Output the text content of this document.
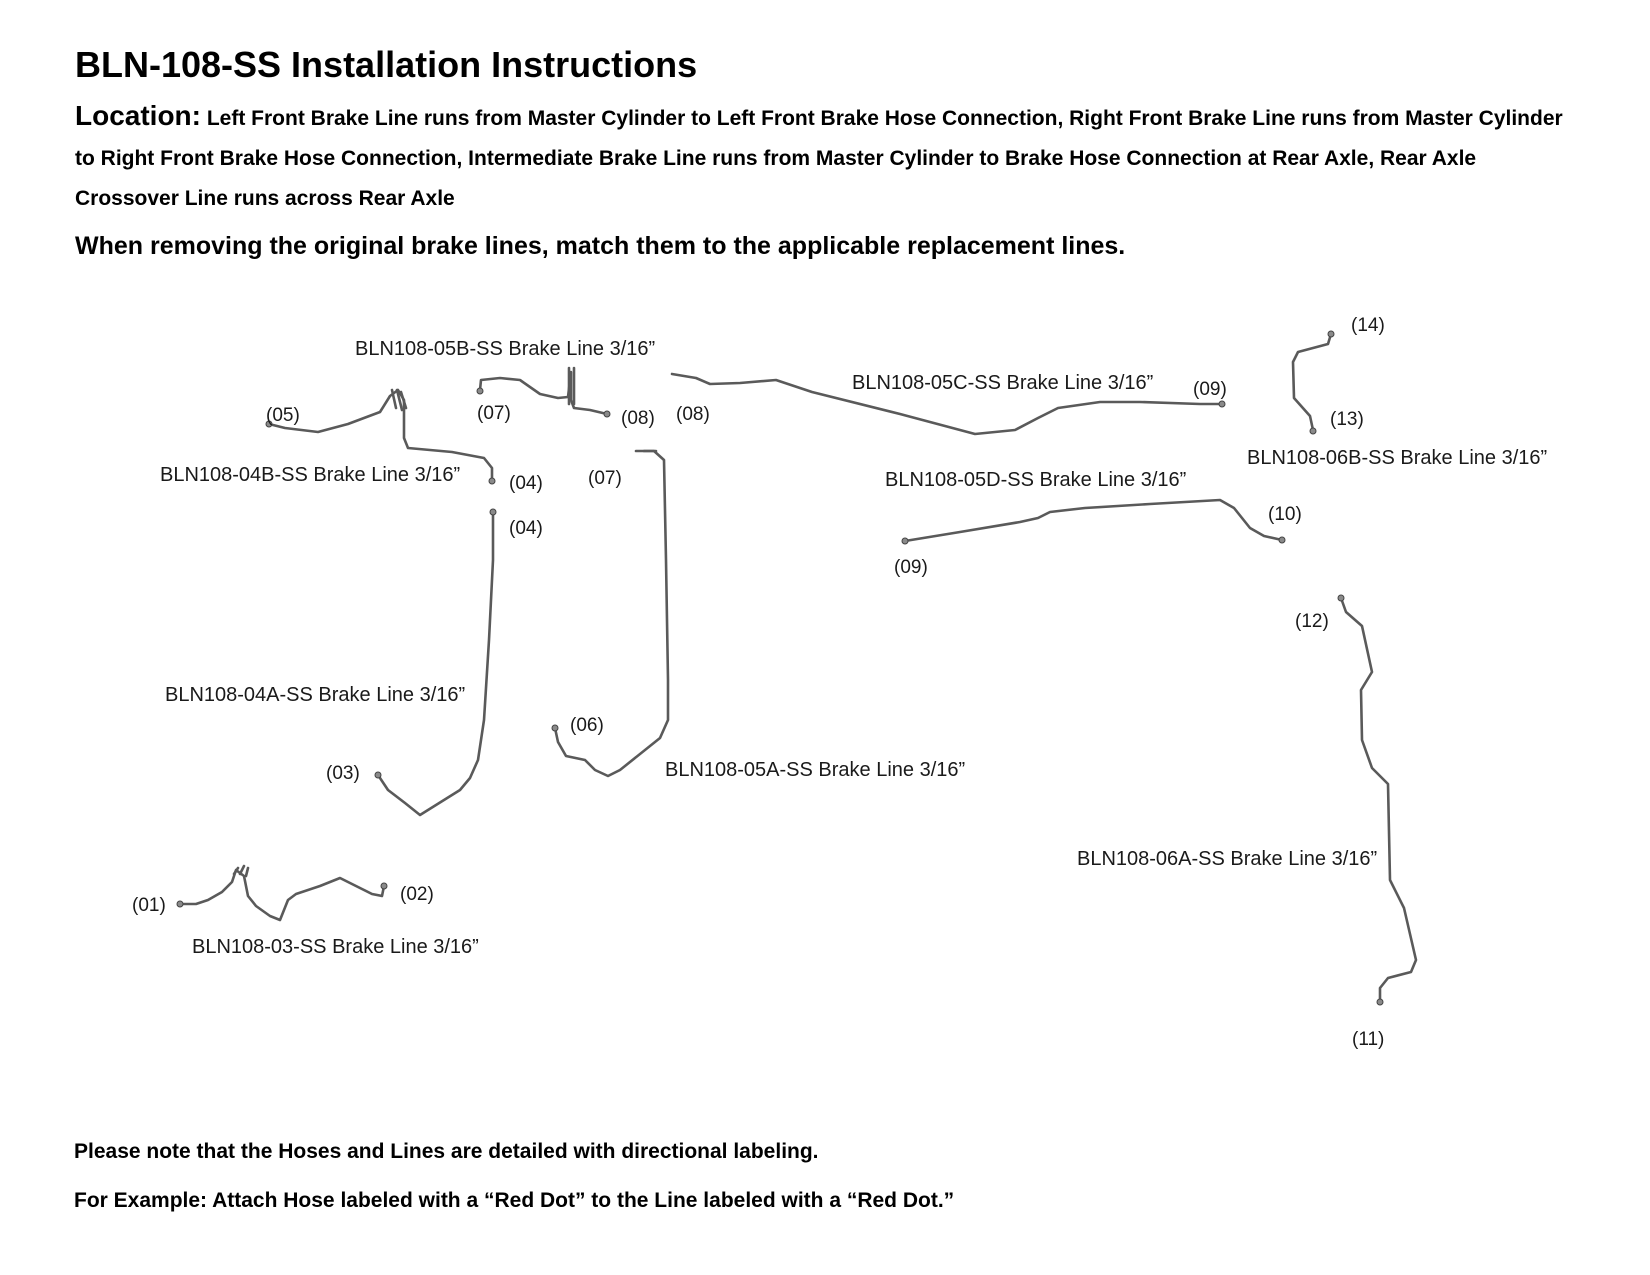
BLN-108-SS Installation Instructions
Location: Left Front Brake Line runs from Master Cylinder to Left Front Brake Hose Connection, Right Front Brake Line runs from Master Cylinder to Right Front Brake Hose Connection, Intermediate Brake Line runs from Master Cylinder to Brake Hose Connection at Rear Axle, Rear Axle Crossover Line runs across Rear Axle
When removing the original brake lines, match them to the applicable replacement lines.
BLN108-05B-SS Brake Line 3/16”
BLN108-04B-SS Brake Line 3/16”
BLN108-05C-SS Brake Line 3/16”
BLN108-05D-SS Brake Line 3/16”
BLN108-06B-SS Brake Line 3/16”
BLN108-04A-SS Brake Line 3/16”
BLN108-05A-SS Brake Line 3/16”
BLN108-06A-SS Brake Line 3/16”
BLN108-03-SS Brake Line 3/16”
(05)	(07)	(08) (08)
(09)
(14)
(13)
(04) (07)
(04)
(10)
(09)
(12)
(06)
(03)
(02)
(01)
(11)
Please note that the Hoses and Lines are detailed with directional labeling.
For Example: Attach Hose labeled with a “Red Dot” to the Line labeled with a “Red Dot.”
